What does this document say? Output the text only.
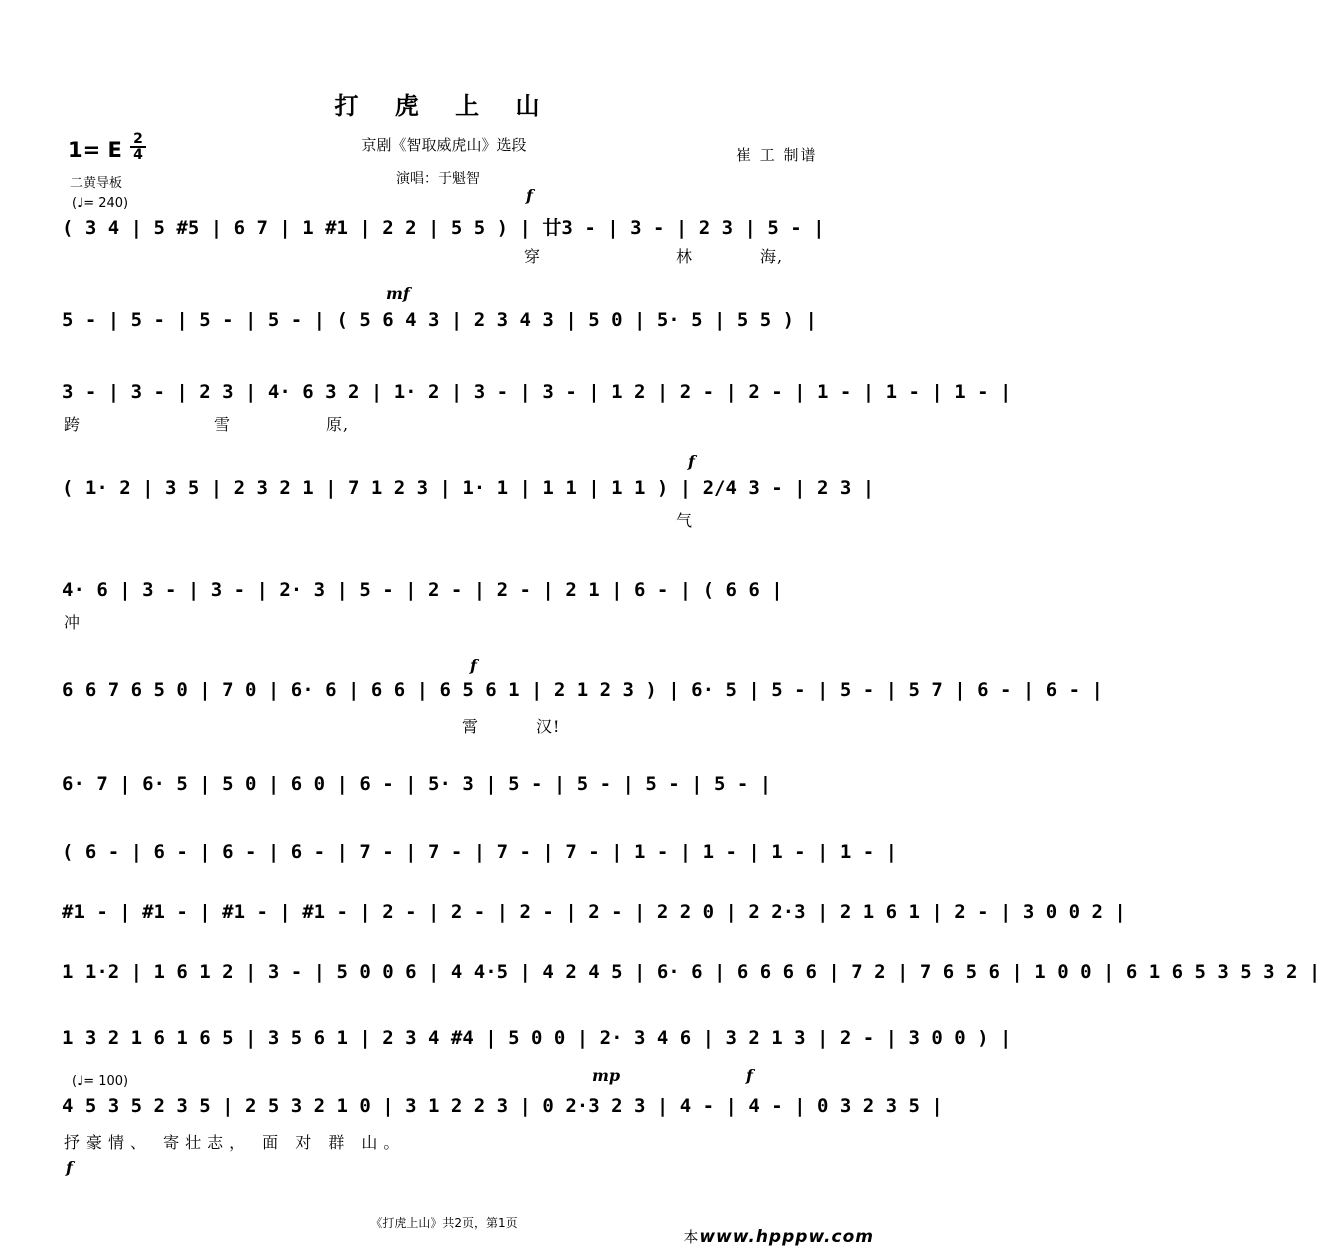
打 虎 上 山
1= E 2
4
京剧《智取威虎山》选段
崔 工 制谱
二黄导板	演唱：于魁智
(♩= 240)
( 3 4 | 5 #5 | 6 7 | 1 #1 | 2 2 | 5 5 ) | 廿3 - | 3 - | 2 3 | 5 - |
f
穿	林	海,
5 - | 5 - | 5 - | 5 - | ( 5 6 4 3 | 2 3 4 3 | 5 0 | 5· 5 | 5 5 ) |
mf
3 - | 3 - | 2 3 | 4· 6 3 2 | 1· 2 | 3 - | 3 - | 1 2 | 2 - | 2 - | 1 - | 1 - | 1 - |
跨	雪	原,
( 1· 2 | 3 5 | 2 3 2 1 | 7 1 2 3 | 1· 1 | 1 1 | 1 1 ) | 2/4 3 - | 2 3 |
f
气
4· 6 | 3 - | 3 - | 2· 3 | 5 - | 2 - | 2 - | 2 1 | 6 - | ( 6 6 |
冲
6 6 7 6 5 0 | 7 0 | 6· 6 | 6 6 | 6 5 6 1 | 2 1 2 3 ) | 6· 5 | 5 - | 5 - | 5 7 | 6 - | 6 - |
f
霄	汉!
6· 7 | 6· 5 | 5 0 | 6 0 | 6 - | 5· 3 | 5 - | 5 - | 5 - | 5 - |
( 6 - | 6 - | 6 - | 6 - | 7 - | 7 - | 7 - | 7 - | 1 - | 1 - | 1 - | 1 - |
#1 - | #1 - | #1 - | #1 - | 2 - | 2 - | 2 - | 2 - | 2 2 0 | 2 2·3 | 2 1 6 1 | 2 - | 3 0 0 2 |
1 1·2 | 1 6 1 2 | 3 - | 5 0 0 6 | 4 4·5 | 4 2 4 5 | 6· 6 | 6 6 6 6 | 7 2 | 7 6 5 6 | 1 0 0 | 6 1 6 5 3 5 3 2 |
1 3 2 1 6 1 6 5 | 3 5 6 1 | 2 3 4 #4 | 5 0 0 | 2· 3 4 6 | 3 2 1 3 | 2 - | 3 0 0 ) |
(♩= 100)
4 5 3 5 2 3 5 | 2 5 3 2 1 0 | 3 1 2 2 3 | 0 2·3 2 3 | 4 - | 4 - | 0 3 2 3 5 |
mp	f
抒豪情、 寄壮志， 面 对 群 山。
f
《打虎上山》共2页，第1页
本www.hpppw.com
